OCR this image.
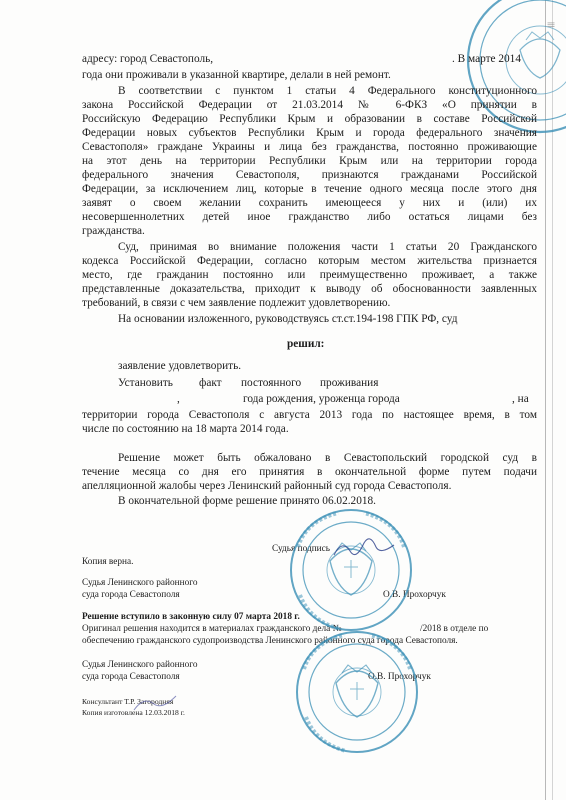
адресу: город Севастополь,	. В марте 2014
года они проживали в указанной квартире, делали в ней ремонт.
В соответствии с пунктом 1 статьи 4 Федерального конституционного
закона Российской Федерации от 21.03.2014 № 6-ФКЗ «О принятии в
Российскую Федерацию Республики Крым и образовании в составе Российской
Федерации новых субъектов Республики Крым и города федерального значения
Севастополя» граждане Украины и лица без гражданства, постоянно проживающие
на этот день на территории Республики Крым или на территории города
федерального значения Севастополя, признаются гражданами Российской
Федерации, за исключением лиц, которые в течение одного месяца после этого дня
заявят о своем желании сохранить имеющееся у них и (или) их
несовершеннолетних детей иное гражданство либо остаться лицами без
гражданства.
Суд, принимая во внимание положения части 1 статьи 20 Гражданского
кодекса Российской Федерации, согласно которым местом жительства признается
место, где гражданин постоянно или преимущественно проживает, а также
представленные доказательства, приходит к выводу об обоснованности заявленных
требований, в связи с чем заявление подлежит удовлетворению.
На основании изложенного, руководствуясь ст.ст.194-198 ГПК РФ, суд
решил:
заявление удовлетворить.
Установить факт постоянного проживания
,	года рождения, уроженца города	, на
территории города Севастополя с августа 2013 года по настоящее время, в том
числе по состоянию на 18 марта 2014 года.
Решение может быть обжаловано в Севастопольский городской суд в
течение месяца со дня его принятия в окончательной форме путем подачи
апелляционной жалобы через Ленинский районный суд города Севастополя.
В окончательной форме решение принято 06.02.2018.
Судья подпись
Копия верна.
Судья Ленинского районного
суда города Севастополя	О.В. Прохорчук
Решение вступило в законную силу 07 марта 2018 г.
Оригинал решения находится в материалах гражданского дела №	/2018 в отделе по
обеспечению гражданского судопроизводства Ленинского районного суда города Севастополя.
Судья Ленинского районного
суда города Севастополя	О.В. Прохорчук
Консультант Т.Р. Загородняя
Копия изготовлена 12.03.2018 г.
|||
